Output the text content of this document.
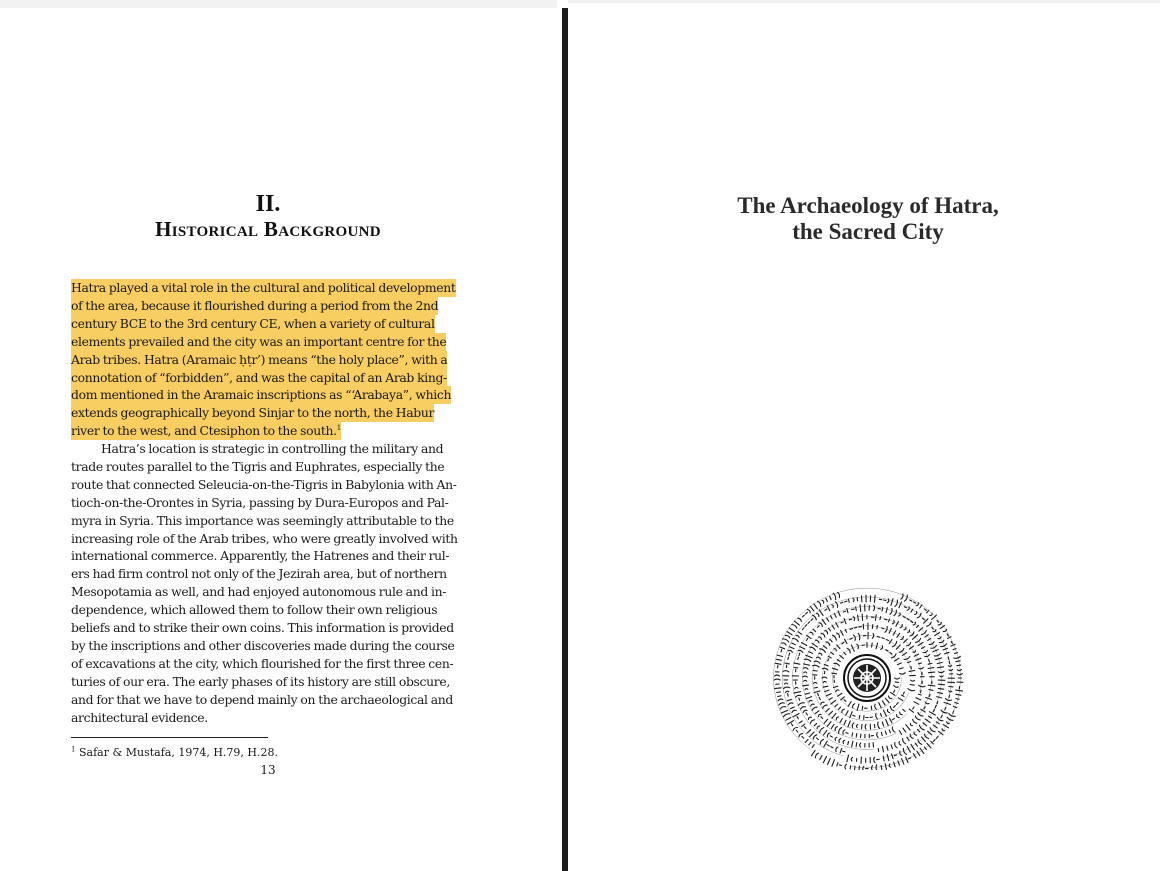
II.
Historical Background

Hatra played a vital role in the cultural and political development
of the area, because it flourished during a period from the 2nd
century BCE to the 3rd century CE, when a variety of cultural
elements prevailed and the city was an important centre for the
Arab tribes. Hatra (Aramaic ḥṭr’) means “the holy place”, with a
connotation of “forbidden”, and was the capital of an Arab king-
dom mentioned in the Aramaic inscriptions as “‘Arabaya”, which
extends geographically beyond Sinjar to the north, the Habur
river to the west, and Ctesiphon to the south.$^1$

Hatra’s location is strategic in controlling the military and
trade routes parallel to the Tigris and Euphrates, especially the
route that connected Seleucia-on-the-Tigris in Babylonia with An-
tioch-on-the-Orontes in Syria, passing by Dura-Europos and Pal-
myra in Syria. This importance was seemingly attributable to the
increasing role of the Arab tribes, who were greatly involved with
international commerce. Apparently, the Hatrenes and their rul-
ers had firm control not only of the Jezirah area, but of northern
Mesopotamia as well, and had enjoyed autonomous rule and in-
dependence, which allowed them to follow their own religious
beliefs and to strike their own coins. This information is provided
by the inscriptions and other discoveries made during the course
of excavations at the city, which flourished for the first three cen-
turies of our era. The early phases of its history are still obscure,
and for that we have to depend mainly on the archaeological and
architectural evidence.

$^1$ Safar & Mustafa, 1974, H.79, H.28.
13
The Archaeology of Hatra,
the Sacred City
